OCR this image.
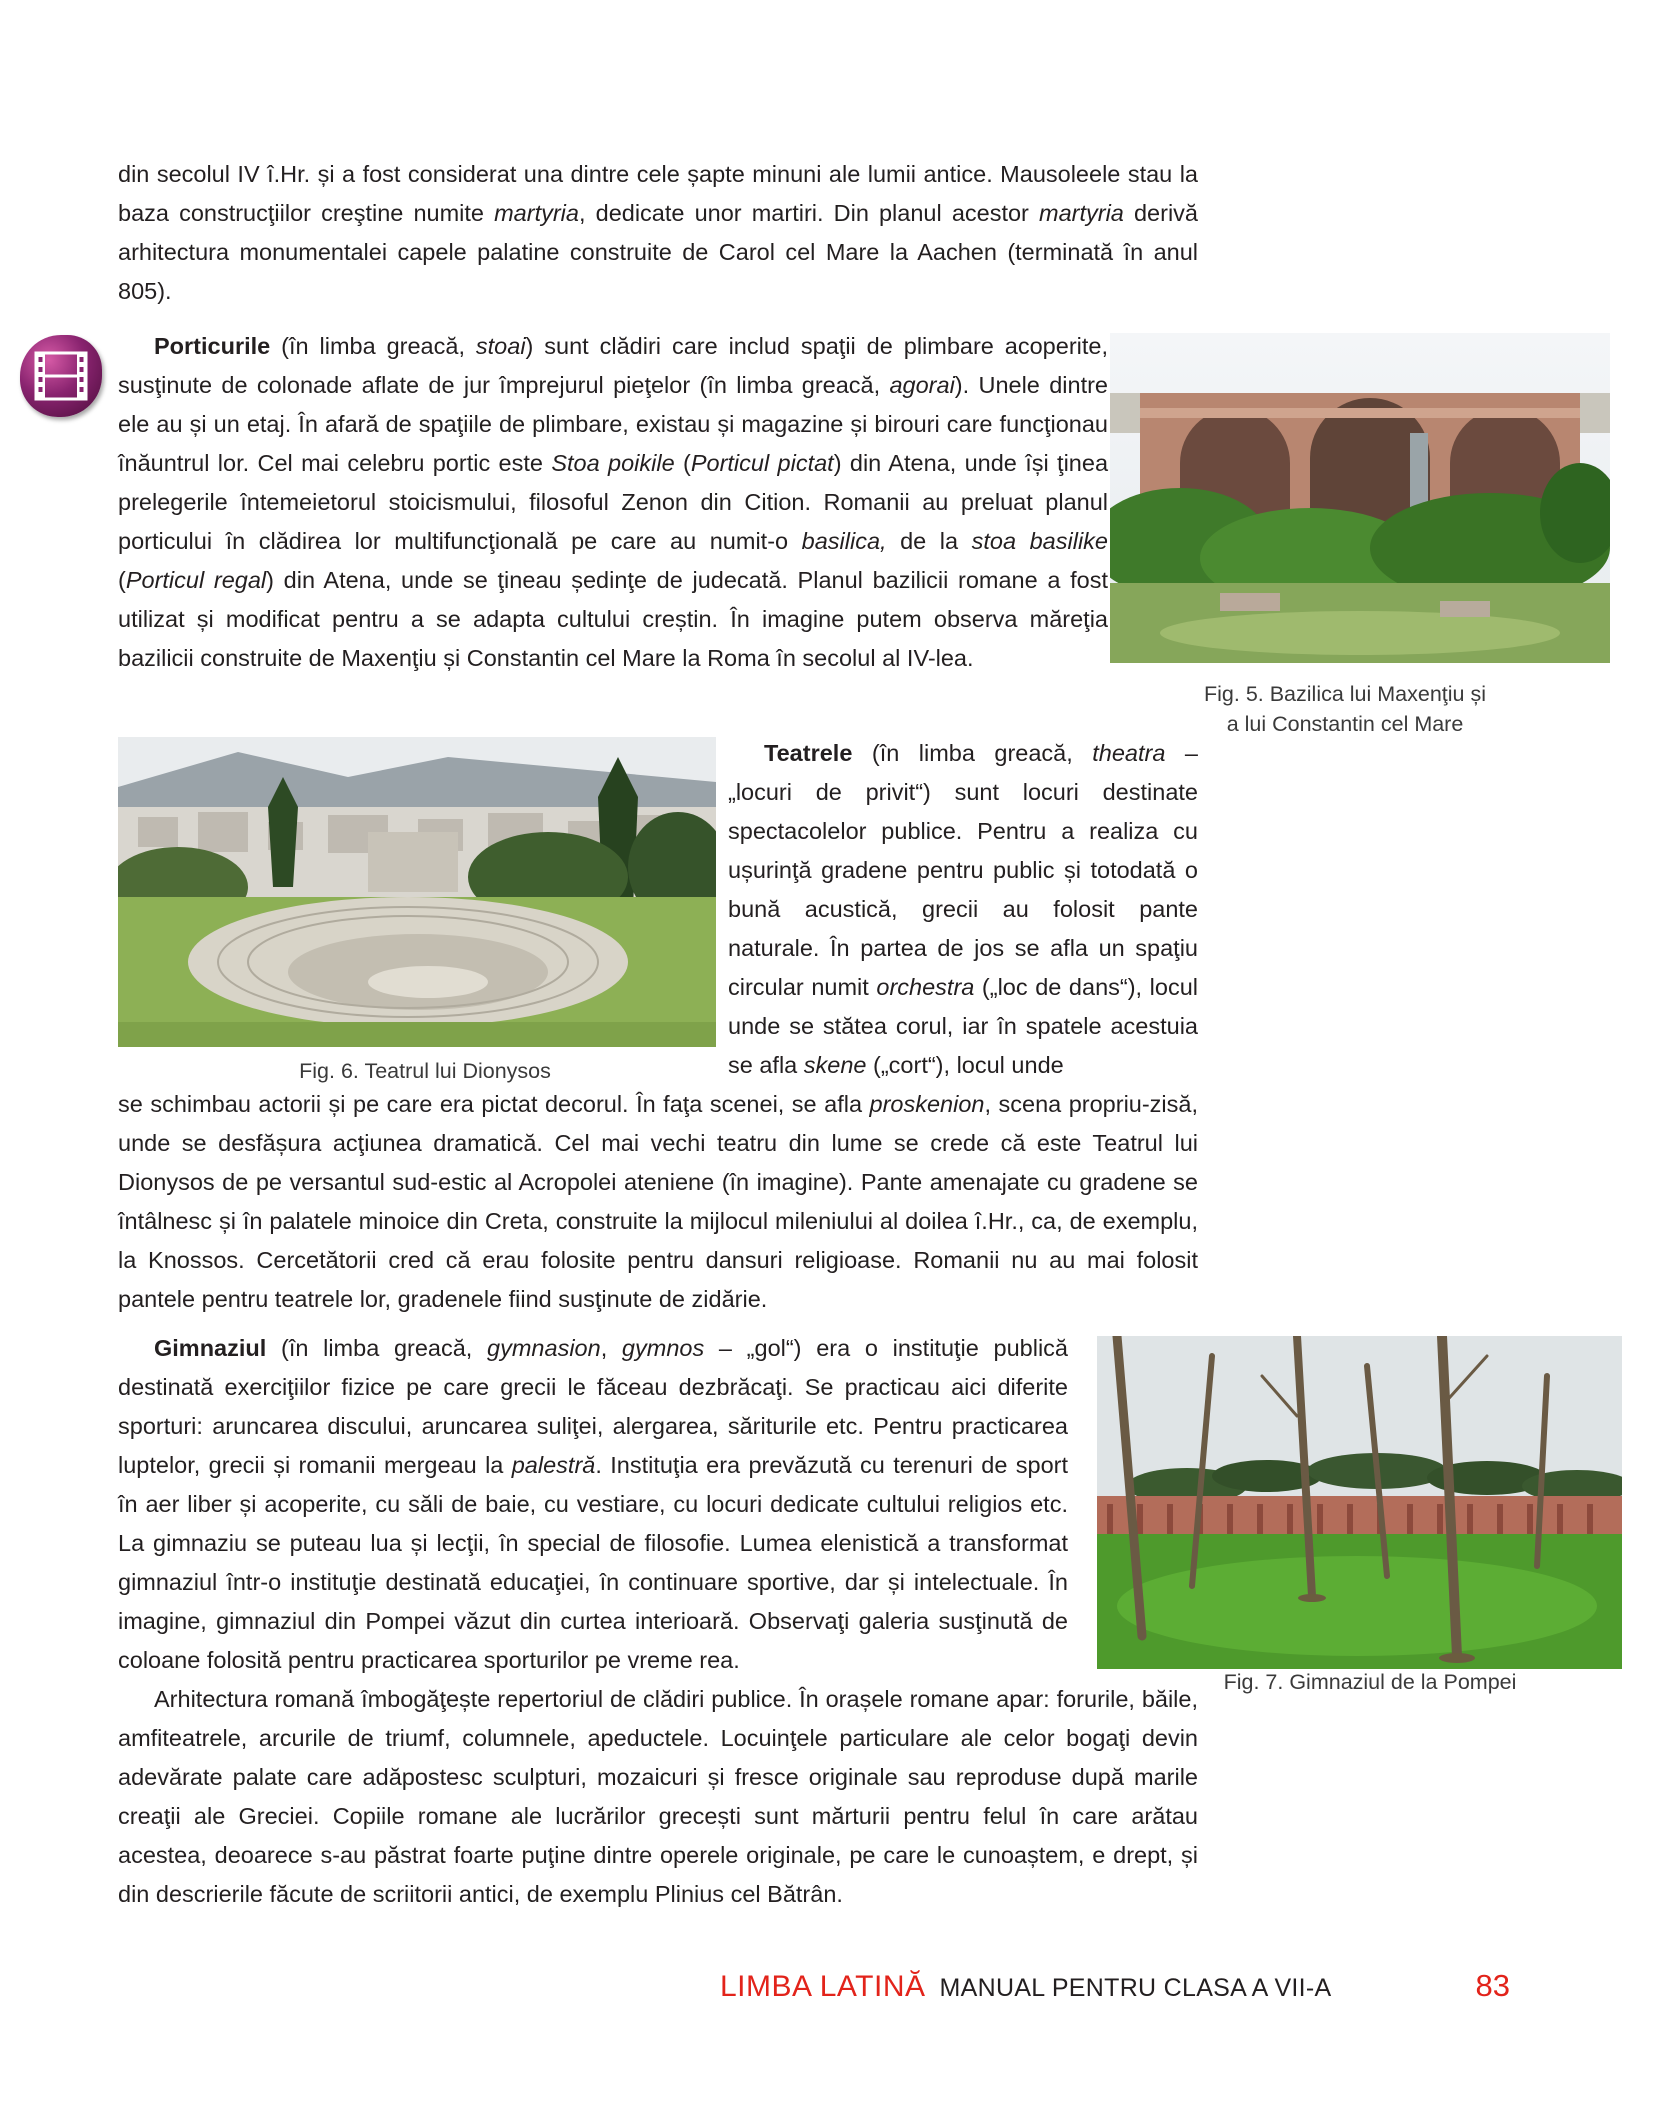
din secolul IV î.Hr. și a fost considerat una dintre cele șapte minuni ale lumii antice. Mausoleele stau la baza construcţiilor creştine numite martyria, dedicate unor martiri. Din planul acestor martyria derivă arhitectura monumentalei capele palatine construite de Carol cel Mare la Aachen (terminată în anul 805).

Porticurile (în limba greacă, stoai) sunt clădiri care includ spaţii de plimbare acoperite, susţinute de colonade aflate de jur împrejurul pieţelor (în limba greacă, agorai). Unele dintre ele au și un etaj. În afară de spaţiile de plimbare, existau și magazine și birouri care funcţionau înăuntrul lor. Cel mai celebru portic este Stoa poikile (Porticul pictat) din Atena, unde își ţinea prelegerile întemeietorul stoicismului, filosoful Zenon din Cition. Romanii au preluat planul porticului în clădirea lor multifuncţională pe care au numit-o basilica, de la stoa basilike (Porticul regal) din Atena, unde se ţineau ședinţe de judecată. Planul bazilicii romane a fost utilizat și modificat pentru a se adapta cultului creștin. În imagine putem observa măreţia bazilicii construite de Maxenţiu și Constantin cel Mare la Roma în secolul al IV-lea.

Fig. 5. Bazilica lui Maxenţiu și
a lui Constantin cel Mare
Fig. 6. Teatrul lui Dionysos

Teatrele (în limba greacă, theatra – „locuri de privit“) sunt locuri destinate spectacolelor publice. Pentru a realiza cu ușurinţă gradene pentru public și totodată o bună acustică, grecii au folosit pante naturale. În partea de jos se afla un spaţiu circular numit orchestra („loc de dans“), locul unde se stătea corul, iar în spatele acestuia se afla skene („cort“), locul unde

se schimbau actorii și pe care era pictat decorul. În faţa scenei, se afla proskenion, scena propriu-zisă, unde se desfășura acţiunea dramatică. Cel mai vechi teatru din lume se crede că este Teatrul lui Dionysos de pe versantul sud-estic al Acropolei ateniene (în imagine). Pante amenajate cu gradene se întâlnesc și în palatele minoice din Creta, construite la mijlocul mileniului al doilea î.Hr., ca, de exemplu, la Knossos. Cercetătorii cred că erau folosite pentru dansuri religioase. Romanii nu au mai folosit pantele pentru teatrele lor, gradenele fiind susţinute de zidărie.

Gimnaziul (în limba greacă, gymnasion, gymnos – „gol“) era o instituţie publică destinată exerciţiilor fizice pe care grecii le făceau dezbrăcaţi. Se practicau aici diferite sporturi: aruncarea discului, aruncarea suliţei, alergarea, săriturile etc. Pentru practicarea luptelor, grecii și romanii mergeau la palestră. Instituţia era prevăzută cu terenuri de sport în aer liber și acoperite, cu săli de baie, cu vestiare, cu locuri dedicate cultului religios etc. La gimnaziu se puteau lua și lecţii, în special de filosofie. Lumea elenistică a transformat gimnaziul într-o instituţie destinată educaţiei, în continuare sportive, dar și intelectuale. În imagine, gimnaziul din Pompei văzut din curtea interioară. Observaţi galeria susţinută de coloane folosită pentru practicarea sporturilor pe vreme rea.

Fig. 7. Gimnaziul de la Pompei

Arhitectura romană îmbogăţește repertoriul de clădiri publice. În orașele romane apar: forurile, băile, amfiteatrele, arcurile de triumf, columnele, apeductele. Locuinţele particulare ale celor bogaţi devin adevărate palate care adăpostesc sculpturi, mozaicuri și fresce originale sau reproduse după marile creaţii ale Greciei. Copiile romane ale lucrărilor grecești sunt mărturii pentru felul în care arătau acestea, deoarece s-au păstrat foarte puţine dintre operele originale, pe care le cunoaștem, e drept, și din descrierile făcute de scriitorii antici, de exemplu Plinius cel Bătrân.

LIMBA LATINĂ MANUAL PENTRU CLASA A VII-A	83
